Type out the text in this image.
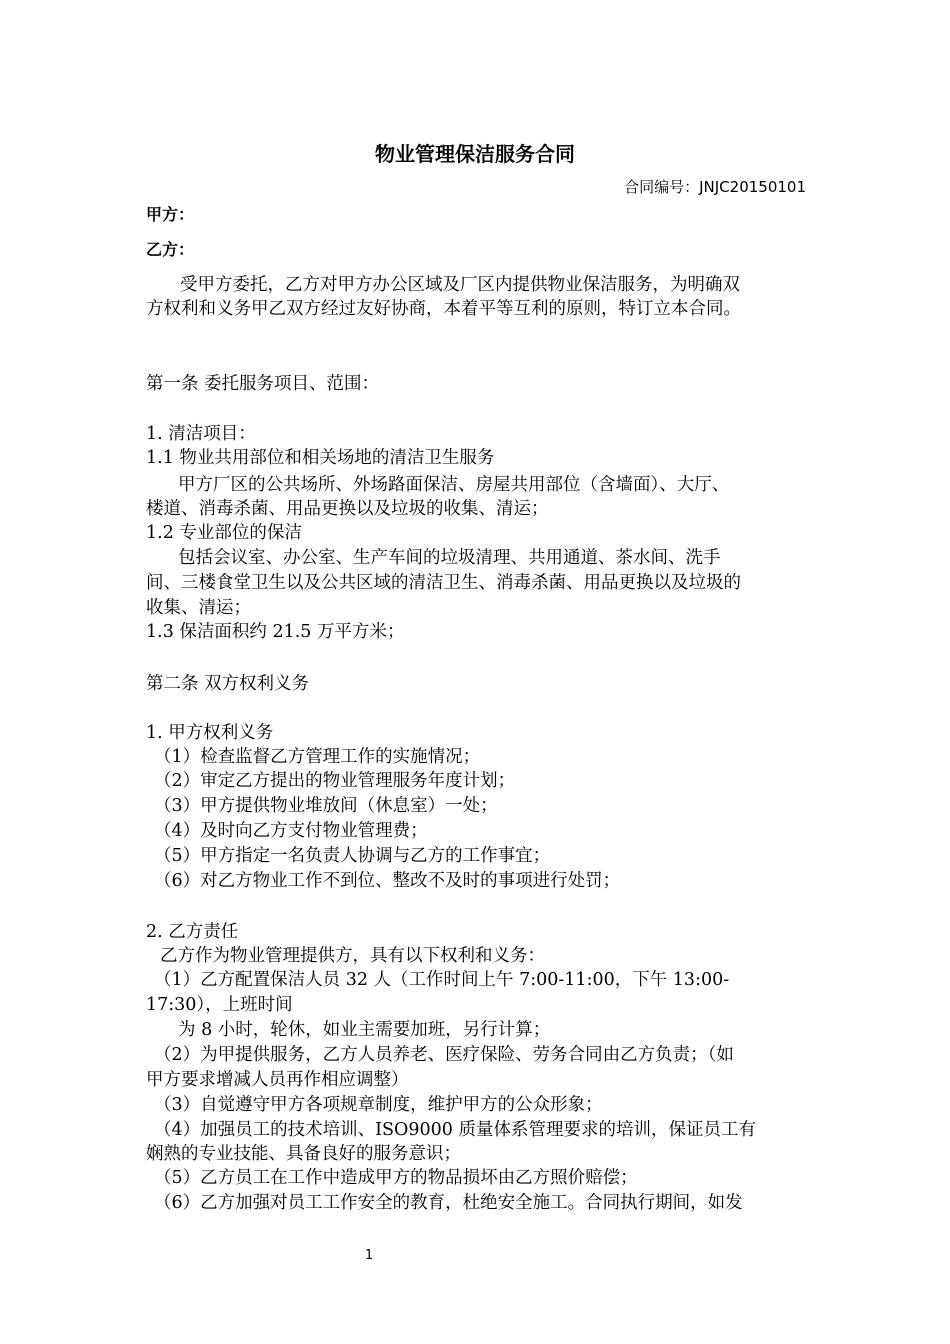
物业管理保洁服务合同
合同编号：JNJC20150101
甲方：
乙方：
受甲方委托，乙方对甲方办公区域及厂区内提供物业保洁服务，为明确双
方权利和义务甲乙双方经过友好协商，本着平等互利的原则，特订立本合同。
第一条 委托服务项目、范围：
1. 清洁项目：
1.1 物业共用部位和相关场地的清洁卫生服务
甲方厂区的公共场所、外场路面保洁、房屋共用部位（含墙面）、大厅、
楼道、消毒杀菌、用品更换以及垃圾的收集、清运；
1.2 专业部位的保洁
包括会议室、办公室、生产车间的垃圾清理、共用通道、茶水间、洗手
间、三楼食堂卫生以及公共区域的清洁卫生、消毒杀菌、用品更换以及垃圾的
收集、清运；
1.3 保洁面积约 21.5 万平方米；
第二条 双方权利义务
1. 甲方权利义务
（1）检查监督乙方管理工作的实施情况；
（2）审定乙方提出的物业管理服务年度计划；
（3）甲方提供物业堆放间（休息室）一处；
（4）及时向乙方支付物业管理费；
（5）甲方指定一名负责人协调与乙方的工作事宜；
（6）对乙方物业工作不到位、整改不及时的事项进行处罚；
2. 乙方责任
乙方作为物业管理提供方，具有以下权利和义务：
（1）乙方配置保洁人员 32 人（工作时间上午 7:00-11:00，下午 13:00-
17:30），上班时间
为 8 小时，轮休，如业主需要加班，另行计算；
（2）为甲提供服务，乙方人员养老、医疗保险、劳务合同由乙方负责；（如
甲方要求增减人员再作相应调整）
（3）自觉遵守甲方各项规章制度，维护甲方的公众形象；
（4）加强员工的技术培训、ISO9000 质量体系管理要求的培训，保证员工有
娴熟的专业技能、具备良好的服务意识；
（5）乙方员工在工作中造成甲方的物品损坏由乙方照价赔偿；
（6）乙方加强对员工工作安全的教育，杜绝安全施工。合同执行期间，如发
1
